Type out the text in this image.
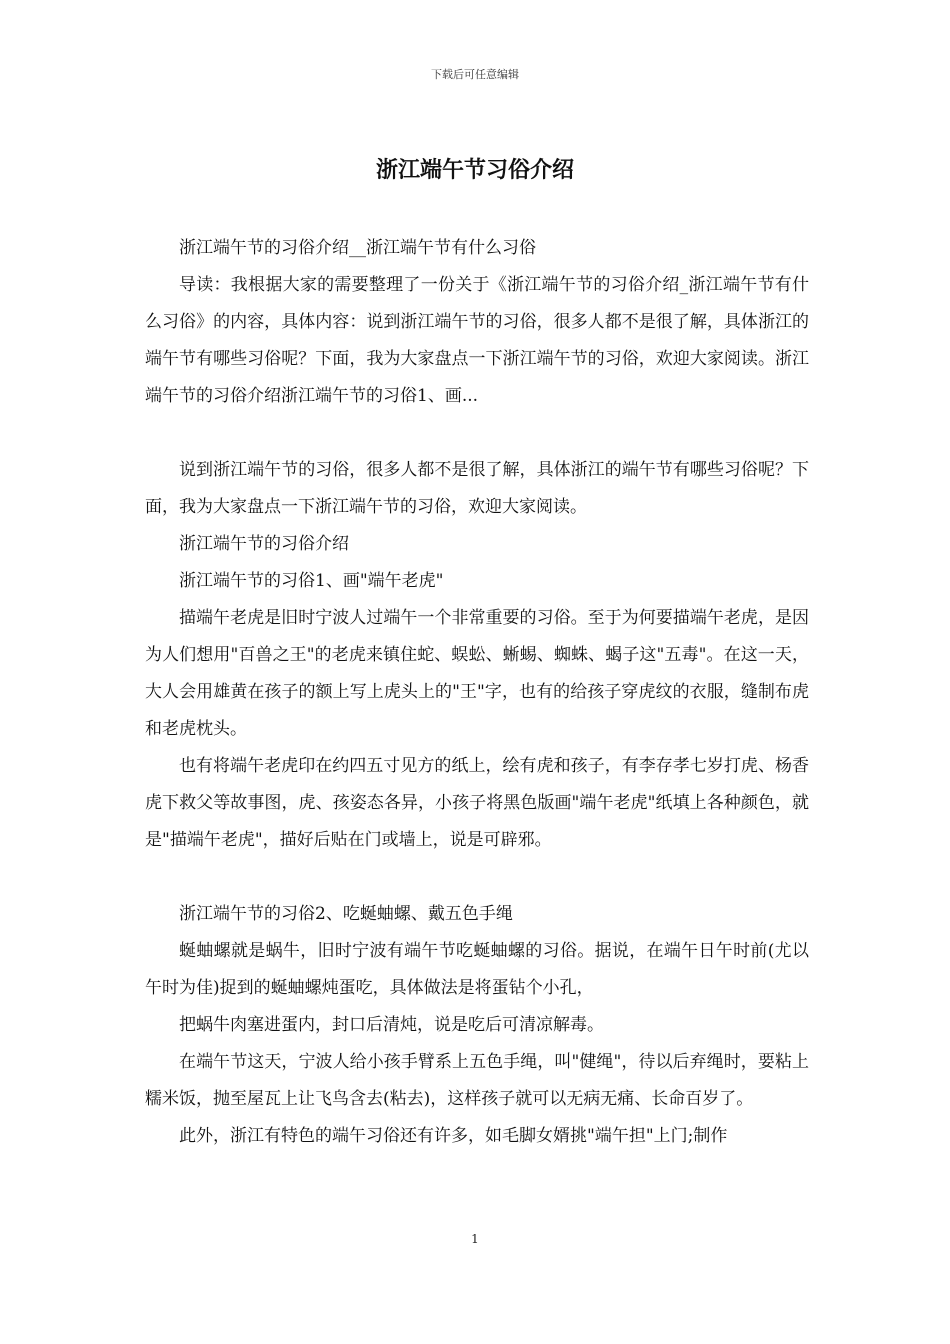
下载后可任意编辑
浙江端午节习俗介绍

浙江端午节的习俗介绍__浙江端午节有什么习俗

导读：我根据大家的需要整理了一份关于《浙江端午节的习俗介绍_浙江端午节有什么习俗》的内容，具体内容：说到浙江端午节的习俗，很多人都不是很了解，具体浙江的端午节有哪些习俗呢？下面，我为大家盘点一下浙江端午节的习俗，欢迎大家阅读。浙江端午节的习俗介绍浙江端午节的习俗1、画...

说到浙江端午节的习俗，很多人都不是很了解，具体浙江的端午节有哪些习俗呢？下面，我为大家盘点一下浙江端午节的习俗，欢迎大家阅读。

浙江端午节的习俗介绍

浙江端午节的习俗1、画"端午老虎"

描端午老虎是旧时宁波人过端午一个非常重要的习俗。至于为何要描端午老虎，是因为人们想用"百兽之王"的老虎来镇住蛇、蜈蚣、蜥蜴、蜘蛛、蝎子这"五毒"。在这一天，大人会用雄黄在孩子的额上写上虎头上的"王"字，也有的给孩子穿虎纹的衣服，缝制布虎和老虎枕头。

也有将端午老虎印在约四五寸见方的纸上，绘有虎和孩子，有李存孝七岁打虎、杨香虎下救父等故事图，虎、孩姿态各异，小孩子将黑色版画"端午老虎"纸填上各种颜色，就是"描端午老虎"，描好后贴在门或墙上，说是可辟邪。

浙江端午节的习俗2、吃蜒蚰螺、戴五色手绳

蜒蚰螺就是蜗牛，旧时宁波有端午节吃蜒蚰螺的习俗。据说，在端午日午时前(尤以午时为佳)捉到的蜒蚰螺炖蛋吃，具体做法是将蛋钻个小孔，

把蜗牛肉塞进蛋内，封口后清炖，说是吃后可清凉解毒。

在端午节这天，宁波人给小孩手臂系上五色手绳，叫"健绳"，待以后弃绳时，要粘上糯米饭，抛至屋瓦上让飞鸟含去(粘去)，这样孩子就可以无病无痛、长命百岁了。

此外，浙江有特色的端午习俗还有许多，如毛脚女婿挑"端午担"上门;制作

1
